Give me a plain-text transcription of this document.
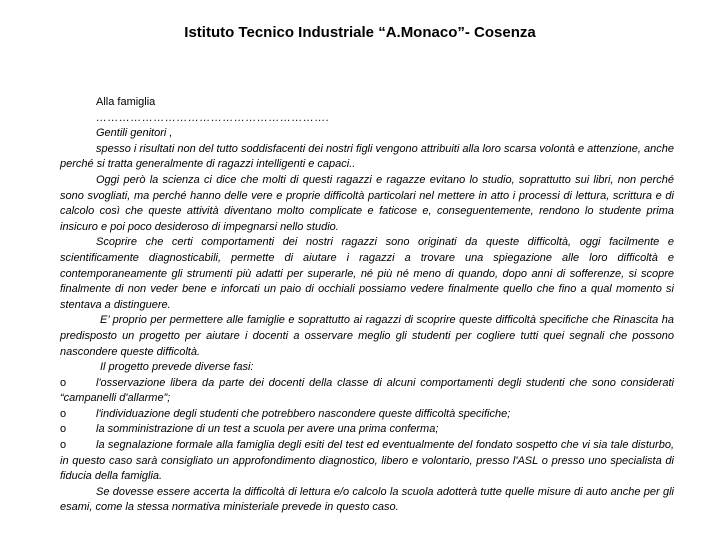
Istituto Tecnico Industriale “A.Monaco”- Cosenza

Alla famiglia

…………………………………………………….

Gentili genitori ,

spesso i risultati non del tutto soddisfacenti dei nostri figli vengono attribuiti alla loro scarsa volontà e attenzione, anche perché si tratta generalmente di ragazzi intelligenti e capaci..

Oggi però la scienza ci dice che molti di questi ragazzi e ragazze evitano lo studio, soprattutto sui libri, non perché sono svogliati, ma perché hanno delle vere e proprie difficoltà particolari nel mettere in atto i processi di lettura, scrittura e di calcolo così che queste attività diventano molto complicate e faticose e, conseguentemente, rendono lo studente prima insicuro e poi poco desideroso di impegnarsi nello studio.

Scoprire che certi comportamenti dei nostri ragazzi sono originati da queste difficoltà, oggi facilmente e scientificamente diagnosticabili, permette di aiutare i ragazzi a trovare una spiegazione alle loro difficoltà e contemporaneamente gli strumenti più adatti per superarle, né più né meno di quando, dopo anni di sofferenze, si scopre finalmente di non veder bene e inforcati un paio di occhiali possiamo vedere finalmente quello che fino a qual momento si stentava a distinguere.

E’ proprio per permettere alle famiglie e soprattutto ai ragazzi di scoprire queste difficoltà specifiche che Rinascita ha predisposto un progetto per aiutare i docenti a osservare meglio gli studenti per cogliere tutti quei segnali che possono nascondere queste difficoltà.

Il progetto prevede diverse fasi:

o	l'osservazione libera da parte dei docenti della classe di alcuni comportamenti degli studenti che sono considerati “campanelli d'allarme”;

o	l'individuazione degli studenti che potrebbero nascondere queste difficoltà specifiche;

o	la somministrazione di un test a scuola per avere una prima conferma;

o	la segnalazione formale alla famiglia degli esiti del test ed eventualmente del fondato sospetto che vi sia tale disturbo, in questo caso sarà consigliato un approfondimento diagnostico, libero e volontario, presso l'ASL o presso uno specialista di fiducia della famiglia.

Se dovesse essere accerta la difficoltà di lettura e/o calcolo la scuola adotterà tutte quelle misure di auto anche per gli esami, come la stessa normativa ministeriale prevede in questo caso.
